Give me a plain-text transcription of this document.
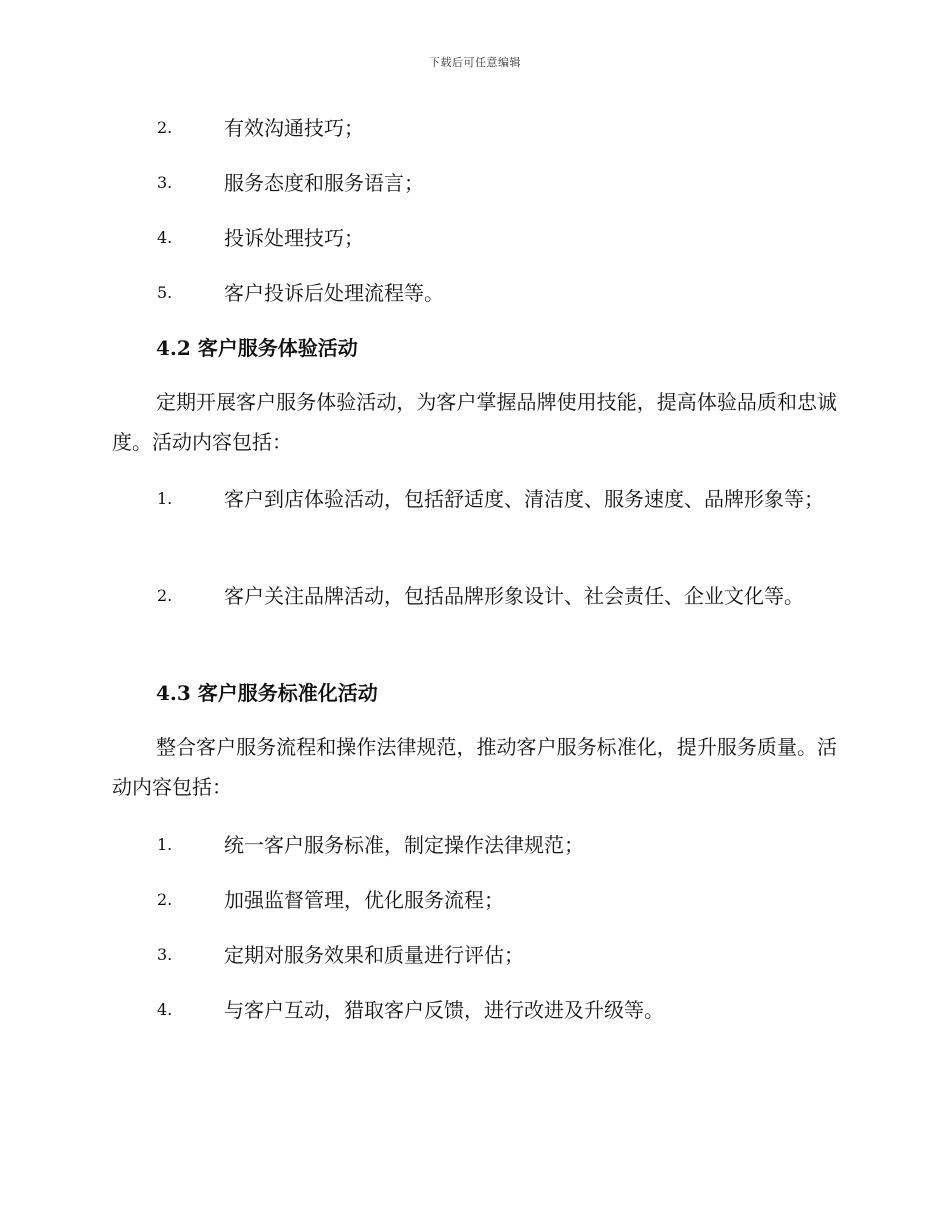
下载后可任意编辑
2.	有效沟通技巧；
3.	服务态度和服务语言；
4.	投诉处理技巧；
5.	客户投诉后处理流程等。
4.2 客户服务体验活动
定期开展客户服务体验活动，为客户掌握品牌使用技能，提高体验品质和忠诚度。活动内容包括：
1.	客户到店体验活动，包括舒适度、清洁度、服务速度、品牌形象等；
2.	客户关注品牌活动，包括品牌形象设计、社会责任、企业文化等。
4.3 客户服务标准化活动
整合客户服务流程和操作法律规范，推动客户服务标准化，提升服务质量。活动内容包括：
1.	统一客户服务标准，制定操作法律规范；
2.	加强监督管理，优化服务流程；
3.	定期对服务效果和质量进行评估；
4.	与客户互动，猎取客户反馈，进行改进及升级等。
